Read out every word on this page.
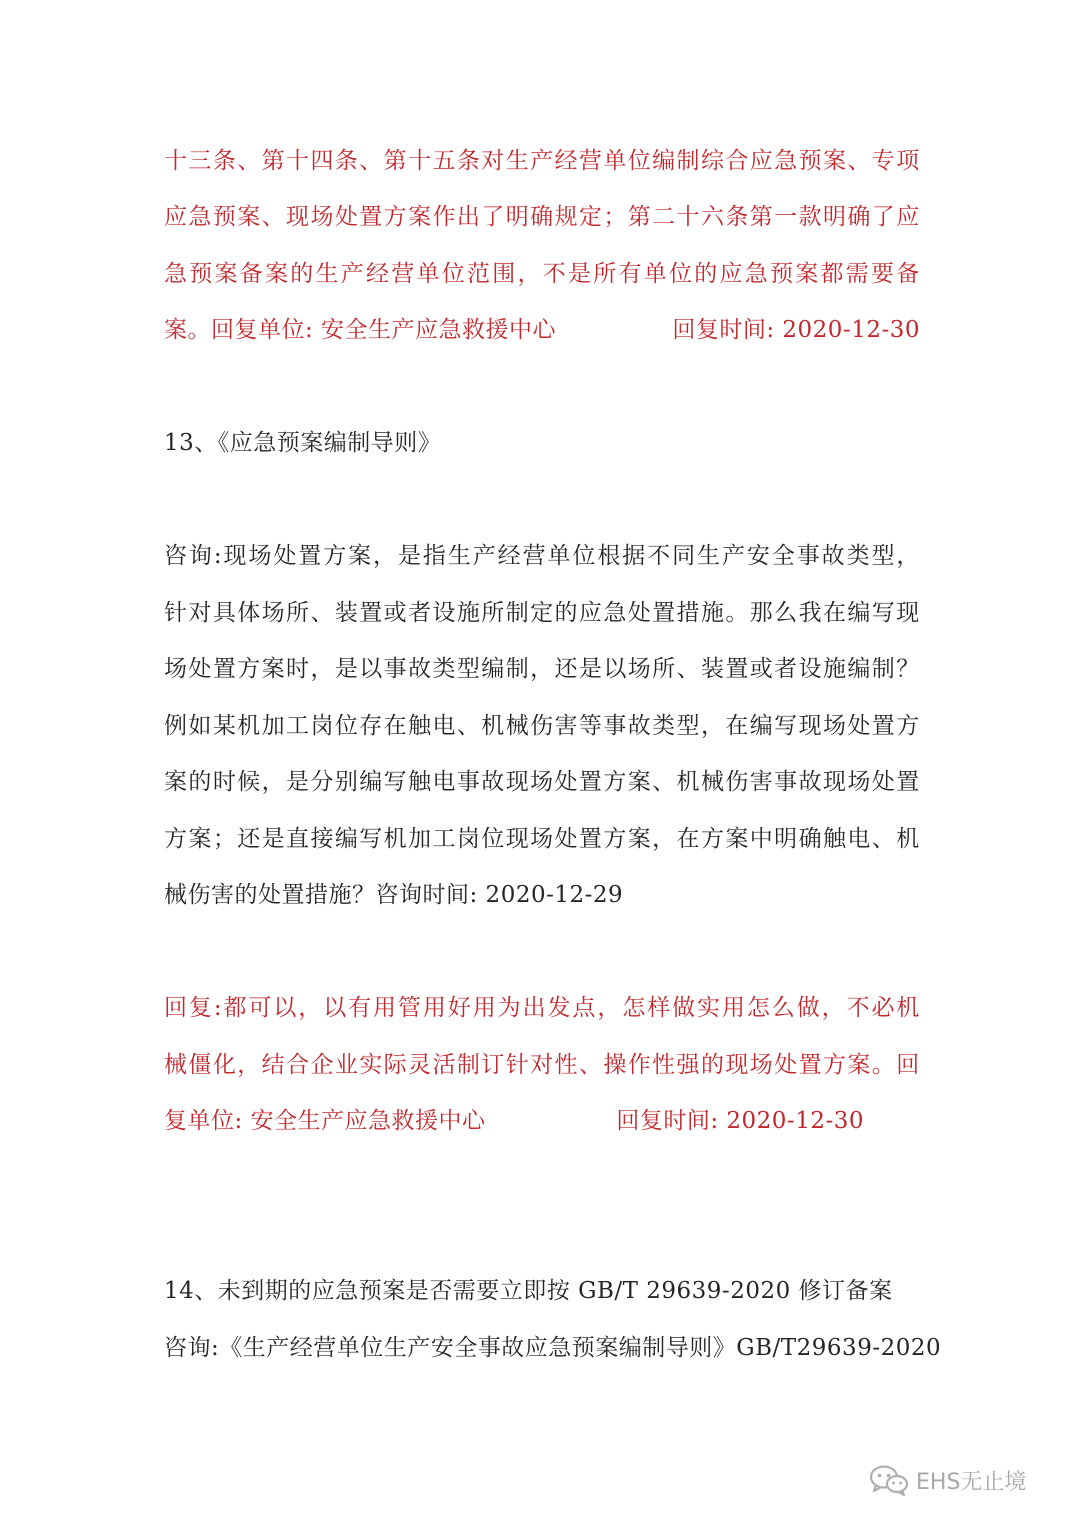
十 三 条 、 第 十 四 条 、 第 十 五 条 对 生 产 经 营 单 位 编 制 综 合 应 急 预 案 、 专 项
应 急 预 案 、 现 场 处 置 方 案 作 出 了 明 确 规 定 ； 第 二 十 六 条 第 一 款 明 确 了 应
急 预 案 备 案 的 生 产 经 营 单 位 范 围 ， 不 是 所 有 单 位 的 应 急 预 案 都 需 要 备
案。回复单位: 安全生产应急救援中心	回复时间: 2020-12-30
13、《应急预案编制导则》
咨 询 : 现 场 处 置 方 案 ， 是 指 生 产 经 营 单 位 根 据 不 同 生 产 安 全 事 故 类 型 ，
针 对 具 体 场 所 、 装 置 或 者 设 施 所 制 定 的 应 急 处 置 措 施 。 那 么 我 在 编 写 现
场 处 置 方 案 时 ， 是 以 事 故 类 型 编 制 ， 还 是 以 场 所 、 装 置 或 者 设 施 编 制 ？
例 如 某 机 加 工 岗 位 存 在 触 电 、 机 械 伤 害 等 事 故 类 型 ， 在 编 写 现 场 处 置 方
案 的 时 候 ， 是 分 别 编 写 触 电 事 故 现 场 处 置 方 案 、 机 械 伤 害 事 故 现 场 处 置
方 案 ； 还 是 直 接 编 写 机 加 工 岗 位 现 场 处 置 方 案 ， 在 方 案 中 明 确 触 电 、 机
械伤害的处置措施？咨询时间: 2020-12-29
回 复 : 都 可 以 ， 以 有 用 管 用 好 用 为 出 发 点 ， 怎 样 做 实 用 怎 么 做 ， 不 必 机
械 僵 化 ， 结 合 企 业 实 际 灵 活 制 订 针 对 性 、 操 作 性 强 的 现 场 处 置 方 案 。 回
复单位: 安全生产应急救援中心	回复时间: 2020-12-30
14、未到期的应急预案是否需要立即按 GB/T 29639-2020 修订备案
咨 询 : 《 生 产 经 营 单 位 生 产 安 全 事 故 应 急 预 案 编 制 导 则 》 G B / T 2 9 6 3 9 - 2 0 2 0
EHS无止境
